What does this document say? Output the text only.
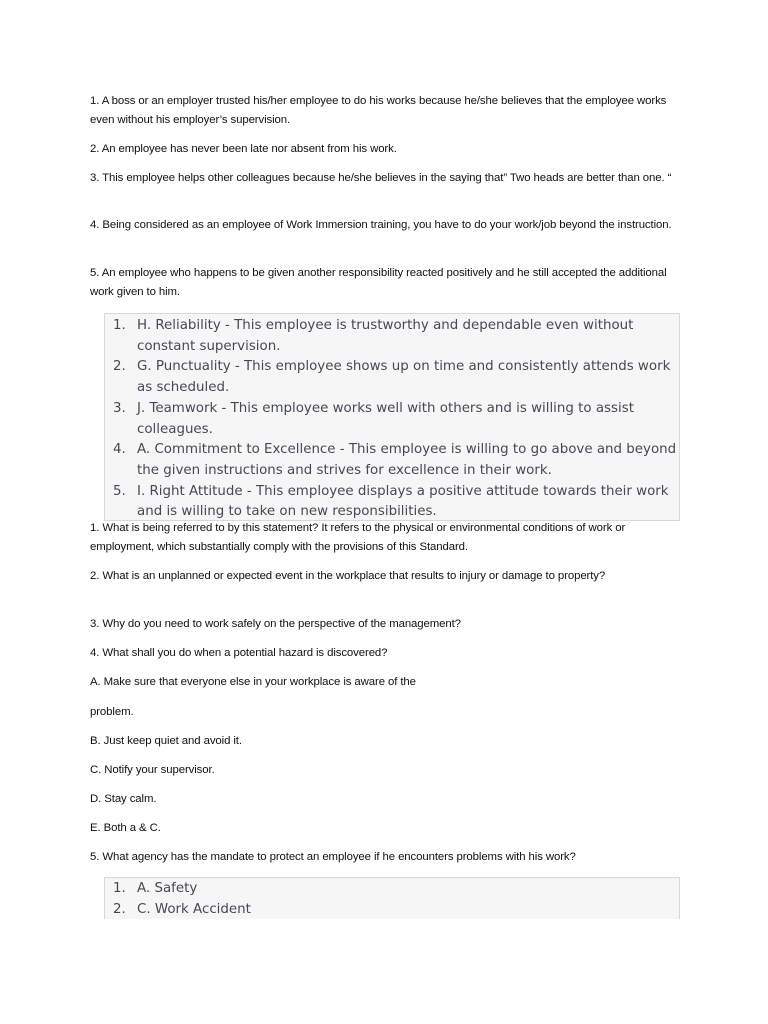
1. A boss or an employer trusted his/her employee to do his works because he/she believes that the employee works even without his employer’s supervision.

2. An employee has never been late nor absent from his work.

3. This employee helps other colleagues because he/she believes in the saying that” Two heads are better than one. “

4. Being considered as an employee of Work Immersion training, you have to do your work/job beyond the instruction.

5. An employee who happens to be given another responsibility reacted positively and he still accepted the additional work given to him.

1. H. Reliability - This employee is trustworthy and dependable even without constant supervision.
2. G. Punctuality - This employee shows up on time and consistently attends work as scheduled.
3. J. Teamwork - This employee works well with others and is willing to assist colleagues.
4. A. Commitment to Excellence - This employee is willing to go above and beyond the given instructions and strives for excellence in their work.
5. I. Right Attitude - This employee displays a positive attitude towards their work and is willing to take on new responsibilities.

1. What is being referred to by this statement? It refers to the physical or environmental conditions of work or employment, which substantially comply with the provisions of this Standard.

2. What is an unplanned or expected event in the workplace that results to injury or damage to property?

3. Why do you need to work safely on the perspective of the management?

4. What shall you do when a potential hazard is discovered?

A. Make sure that everyone else in your workplace is aware of the

problem.

B. Just keep quiet and avoid it.

C. Notify your supervisor.

D. Stay calm.

E. Both a & C.

5. What agency has the mandate to protect an employee if he encounters problems with his work?

1. A. Safety
2. C. Work Accident
